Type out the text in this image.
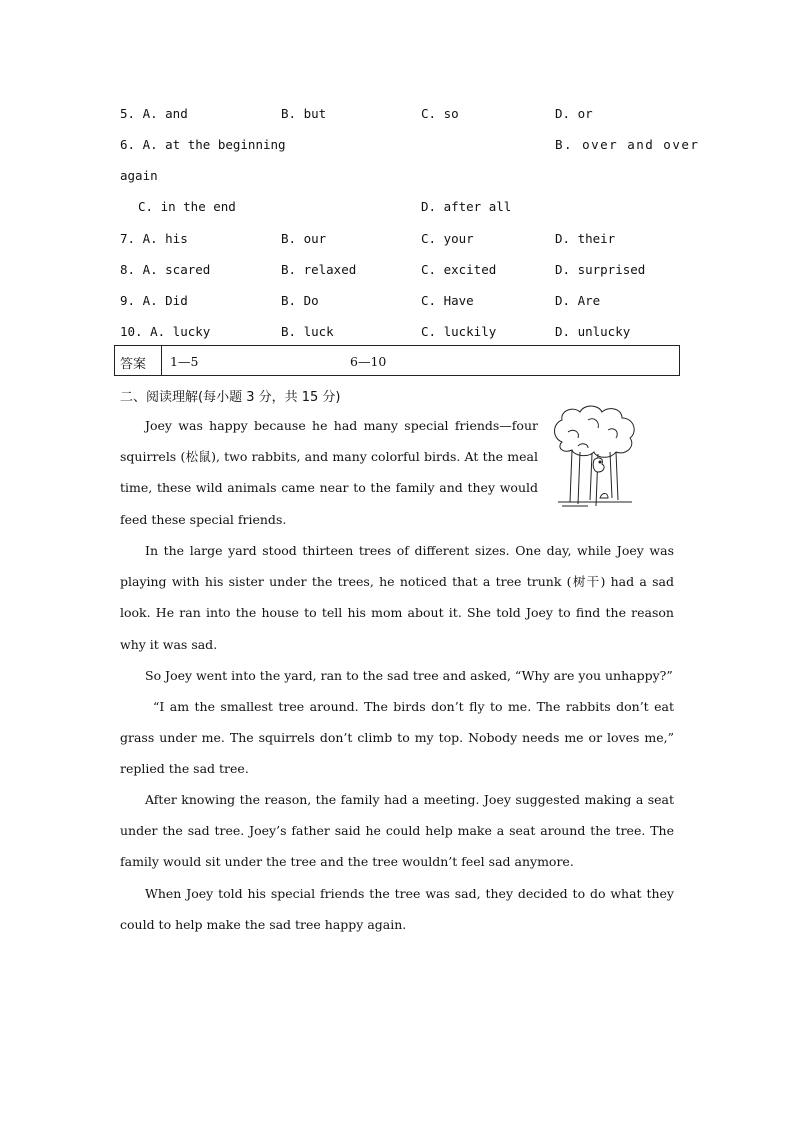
5. A. and	B. but	C. so	D. or
6. A. at the beginning	B. over and over
again
C. in the end	D. after all
7. A. his	B. our	C. your	D. their
8. A. scared	B. relaxed	C. excited	D. surprised
9. A. Did	B. Do	C. Have	D. Are
10. A. lucky	B. luck	C. luckily	D. unlucky
答案 1—5	6—10
二、阅读理解(每小题 3 分，共 15 分)

Joey was happy because he had many special friends—four squirrels (松鼠), two rabbits, and many colorful birds. At the meal time, these wild animals came near to the family and they would feed these special friends.

In the large yard stood thirteen trees of different sizes. One day, while Joey was playing with his sister under the trees, he noticed that a tree trunk (树干) had a sad look. He ran into the house to tell his mom about it. She told Joey to find the reason why it was sad.

So Joey went into the yard, ran to the sad tree and asked, “Why are you unhappy?”

“I am the smallest tree around. The birds don’t fly to me. The rabbits don’t eat grass under me. The squirrels don’t climb to my top. Nobody needs me or loves me,” replied the sad tree.

After knowing the reason, the family had a meeting. Joey suggested making a seat under the sad tree. Joey’s father said he could help make a seat around the tree. The family would sit under the tree and the tree wouldn’t feel sad anymore.

When Joey told his special friends the tree was sad, they decided to do what they could to help make the sad tree happy again.
